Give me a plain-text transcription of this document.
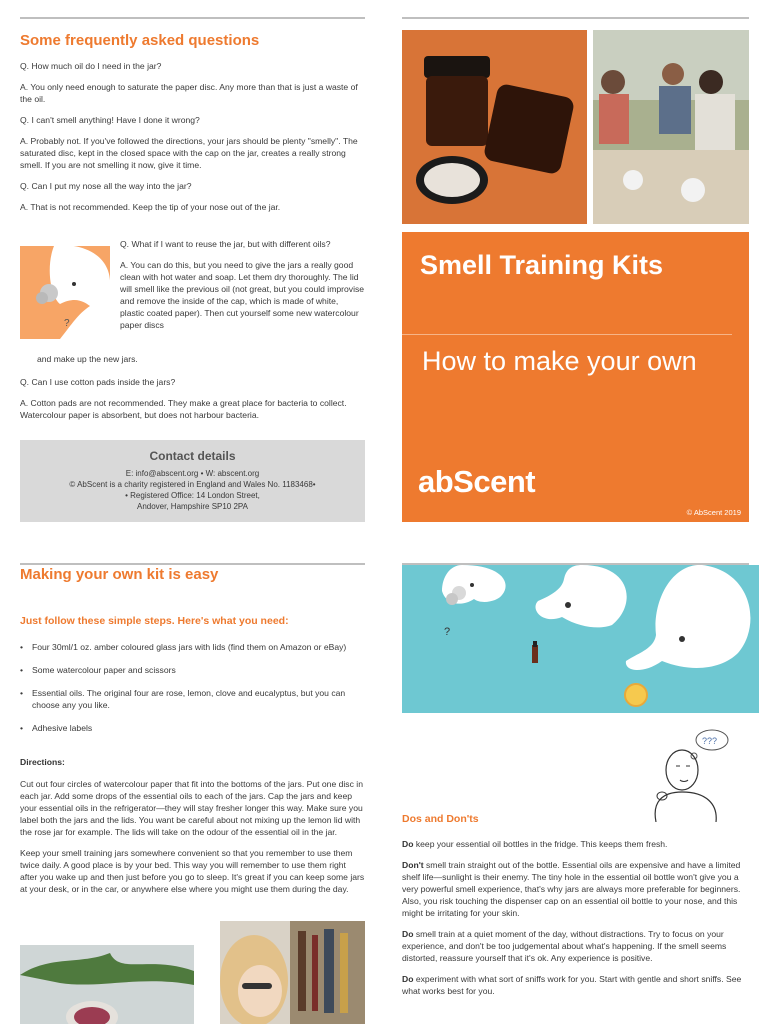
Some frequently asked questions

Q. How much oil do I need in the jar?

A. You only need enough to saturate the paper disc. Any more than that is just a waste of the oil.

Q. I can't smell anything! Have I done it wrong?

A. Probably not. If you've followed the directions, your jars should be plenty "smelly". The saturated disc, kept in the closed space with the cap on the jar, creates a really strong smell. If you are not smelling it now, give it time.

Q. Can I put my nose all the way into the jar?

A. That is not recommended. Keep the tip of your nose out of the jar.

?

Q. What if I want to reuse the jar, but with different oils?

A. You can do this, but you need to give the jars a really good clean with hot water and soap. Let them dry thoroughly. The lid will smell like the previous oil (not great, but you could improvise and remove the inside of the cap, which is made of white, plastic coated paper). Then cut yourself some new watercolour paper discs

and make up the new jars.

Q. Can I use cotton pads inside the jars?

A. Cotton pads are not recommended. They make a great place for bacteria to collect. Watercolour paper is absorbent, but does not harbour bacteria.

Contact details
E: info@abscent.org • W: abscent.org
© AbScent is a charity registered in England and Wales No. 1183468•
• Registered Office: 14 London Street,
Andover, Hampshire SP10 2PA
Smell Training Kits
How to make your own
abScent
© AbScent 2019
Making your own kit is easy
Just follow these simple steps. Here's what you need:
• Four 30ml/1 oz. amber coloured glass jars with lids (find them on Amazon or eBay)
• Some watercolour paper and scissors
• Essential oils. The original four are rose, lemon, clove and eucalyptus, but you can choose any you like.
• Adhesive labels
Directions:

Cut out four circles of watercolour paper that fit into the bottoms of the jars. Put one disc in each jar. Add some drops of the essential oils to each of the jars. Cap the jars and keep your essential oils in the refrigerator—they will stay fresher longer this way. Make sure you label both the jars and the lids. You want be careful about not mixing up the lemon lid with the rose jar for example. The lids will take on the odour of the essential oil in the jar.

Keep your smell training jars somewhere convenient so that you remember to use them twice daily. A good place is by your bed. This way you will remember to use them right after you wake up and then just before you go to sleep. It's great if you can keep some jars at your desk, or in the car, or anywhere else where you might use them during the day.

?
???
Dos and Don'ts

Do keep your essential oil bottles in the fridge. This keeps them fresh.

Don't smell train straight out of the bottle. Essential oils are expensive and have a limited shelf life—sunlight is their enemy. The tiny hole in the essential oil bottle won't give you a very powerful smell experience, that's why jars are always more preferable for beginners. Also, you risk touching the dispenser cap on an essential oil bottle to your nose, and this might be irritating for your skin.

Do smell train at a quiet moment of the day, without distractions. Try to focus on your experience, and don't be too judgemental about what's happening. If the smell seems distorted, reassure yourself that it's ok. Any experience is positive.

Do experiment with what sort of sniffs work for you. Start with gentle and short sniffs. See what works best for you.
